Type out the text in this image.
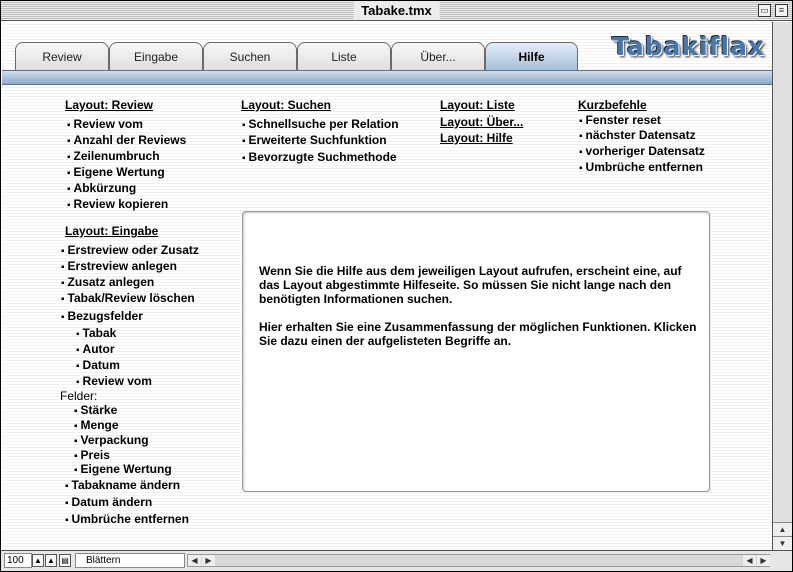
Tabake.tmx	▭	≡
Review	Eingabe	Suchen	Liste	Über...	Hilfe	Tabakiflax
Layout: Review
▪ Review vom
▪ Anzahl der Reviews
▪ Zeilenumbruch
▪ Eigene Wertung
▪ Abkürzung
▪ Review kopieren
Layout: Suchen
▪ Schnellsuche per Relation
▪ Erweiterte Suchfunktion
▪ Bevorzugte Suchmethode
Layout: Liste
Layout: Über...
Layout: Hilfe
Kurzbefehle
▪ Fenster reset
▪ nächster Datensatz
▪ vorheriger Datensatz
▪ Umbrüche entfernen
Layout: Eingabe
▪ Erstreview oder Zusatz
▪ Erstreview anlegen
▪ Zusatz anlegen
▪ Tabak/Review löschen
▪ Bezugsfelder
▪ Tabak
▪ Autor
▪ Datum
▪ Review vom
Felder:
▪ Stärke
▪ Menge
▪ Verpackung
▪ Preis
▪ Eigene Wertung
▪ Tabakname ändern
▪ Datum ändern
▪ Umbrüche entfernen

Wenn Sie die Hilfe aus dem jeweiligen Layout aufrufen, erscheint eine, auf das Layout abgestimmte Hilfeseite. So müssen Sie nicht lange nach den benötigten Informationen suchen.

Hier erhalten Sie eine Zusammenfassung der möglichen Funktionen. Klicken Sie dazu einen der aufgelisteten Begriffe an.

▲
▼
100	▲ ▲ ▤	Blättern	◀ ▶	◀ ▶
